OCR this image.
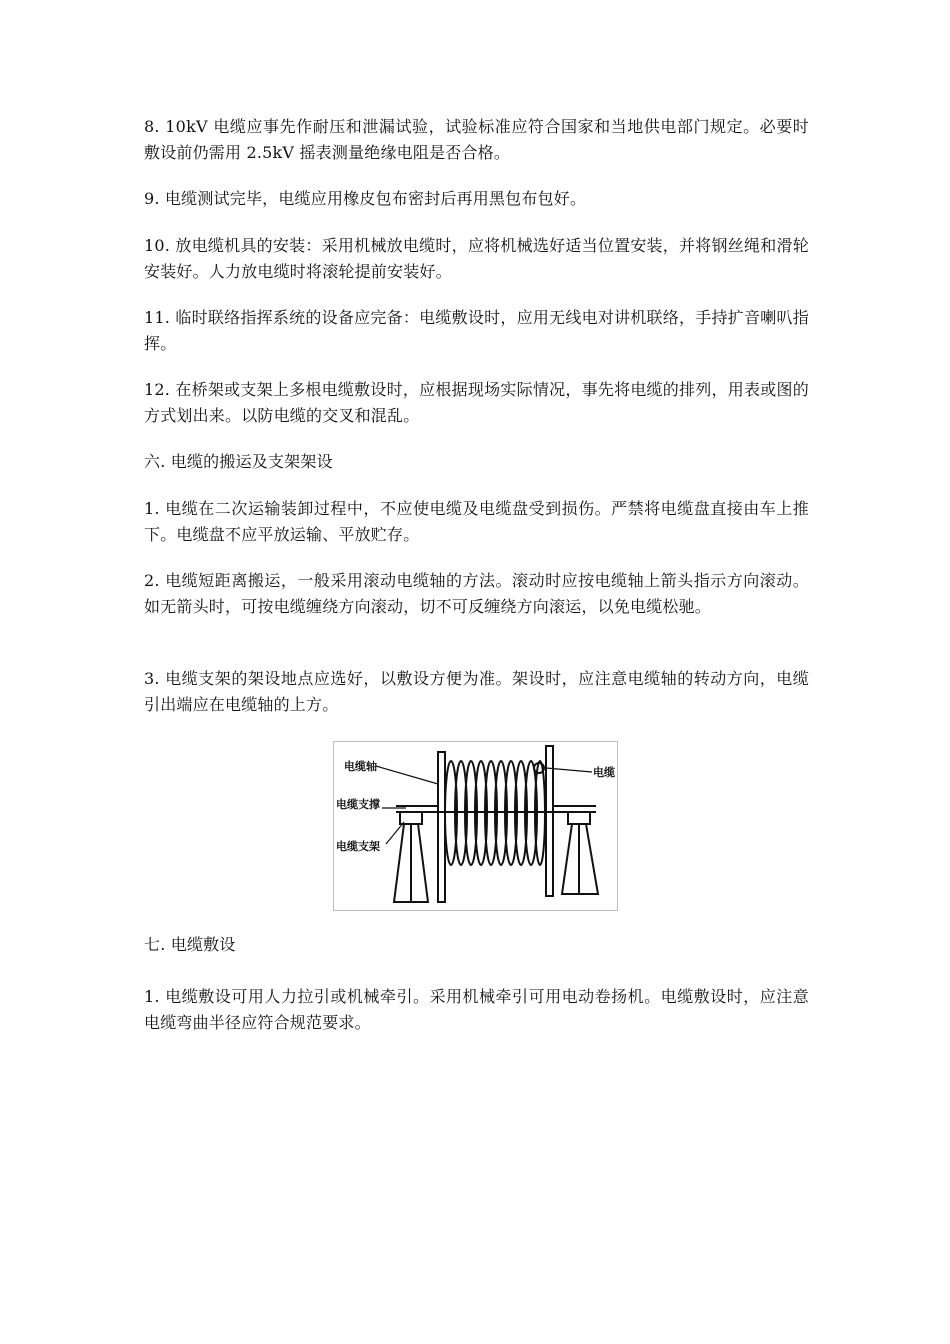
8. 10kV 电缆应事先作耐压和泄漏试验，试验标准应符合国家和当地供电部门规定。必要时敷设前仍需用 2.5kV 摇表测量绝缘电阻是否合格。

9. 电缆测试完毕，电缆应用橡皮包布密封后再用黑包布包好。

10. 放电缆机具的安装：采用机械放电缆时，应将机械选好适当位置安装，并将钢丝绳和滑轮安装好。人力放电缆时将滚轮提前安装好。

11. 临时联络指挥系统的设备应完备：电缆敷设时，应用无线电对讲机联络，手持扩音喇叭指挥。

12. 在桥架或支架上多根电缆敷设时，应根据现场实际情况，事先将电缆的排列，用表或图的方式划出来。以防电缆的交叉和混乱。

六. 电缆的搬运及支架架设

1. 电缆在二次运输装卸过程中，不应使电缆及电缆盘受到损伤。严禁将电缆盘直接由车上推下。电缆盘不应平放运输、平放贮存。

2. 电缆短距离搬运，一般采用滚动电缆轴的方法。滚动时应按电缆轴上箭头指示方向滚动。如无箭头时，可按电缆缠绕方向滚动，切不可反缠绕方向滚运，以免电缆松驰。

3. 电缆支架的架设地点应选好，以敷设方便为准。架设时，应注意电缆轴的转动方向，电缆引出端应在电缆轴的上方。

电缆轴
电缆支撑
电缆支架
电缆

七. 电缆敷设

1. 电缆敷设可用人力拉引或机械牵引。采用机械牵引可用电动卷扬机。电缆敷设时，应注意电缆弯曲半径应符合规范要求。
